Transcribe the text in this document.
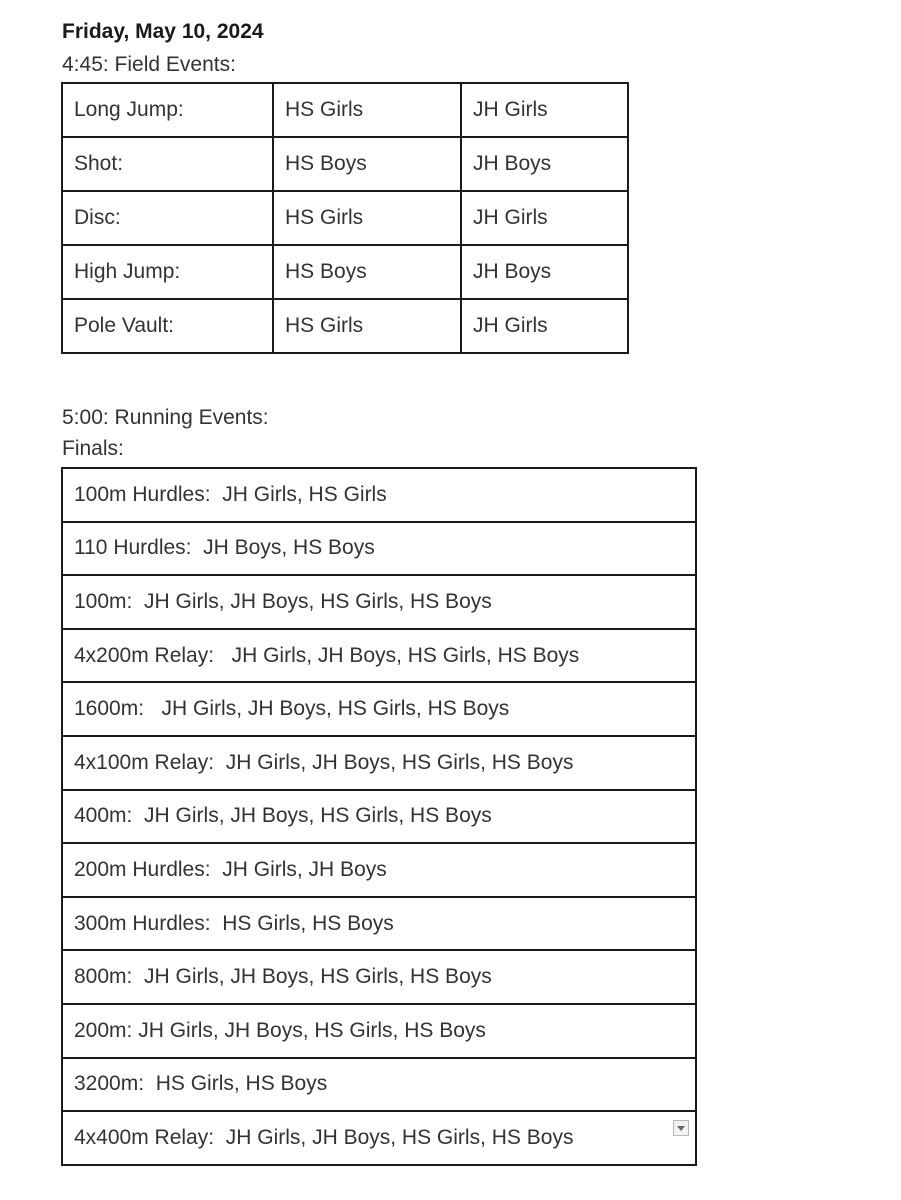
Friday, May 10, 2024
4:45: Field Events:
Long Jump:	HS Girls	JH Girls
Shot:	HS Boys	JH Boys
Disc:	HS Girls	JH Girls
High Jump:	HS Boys	JH Boys
Pole Vault:	HS Girls	JH Girls
5:00: Running Events:
Finals:
100m Hurdles:  JH Girls, HS Girls
110 Hurdles:  JH Boys, HS Boys
100m:  JH Girls, JH Boys, HS Girls, HS Boys
4x200m Relay:   JH Girls, JH Boys, HS Girls, HS Boys
1600m:   JH Girls, JH Boys, HS Girls, HS Boys
4x100m Relay:  JH Girls, JH Boys, HS Girls, HS Boys
400m:  JH Girls, JH Boys, HS Girls, HS Boys
200m Hurdles:  JH Girls, JH Boys
300m Hurdles:  HS Girls, HS Boys
800m:  JH Girls, JH Boys, HS Girls, HS Boys
200m: JH Girls, JH Boys, HS Girls, HS Boys
3200m:  HS Girls, HS Boys
4x400m Relay:  JH Girls, JH Boys, HS Girls, HS Boys
